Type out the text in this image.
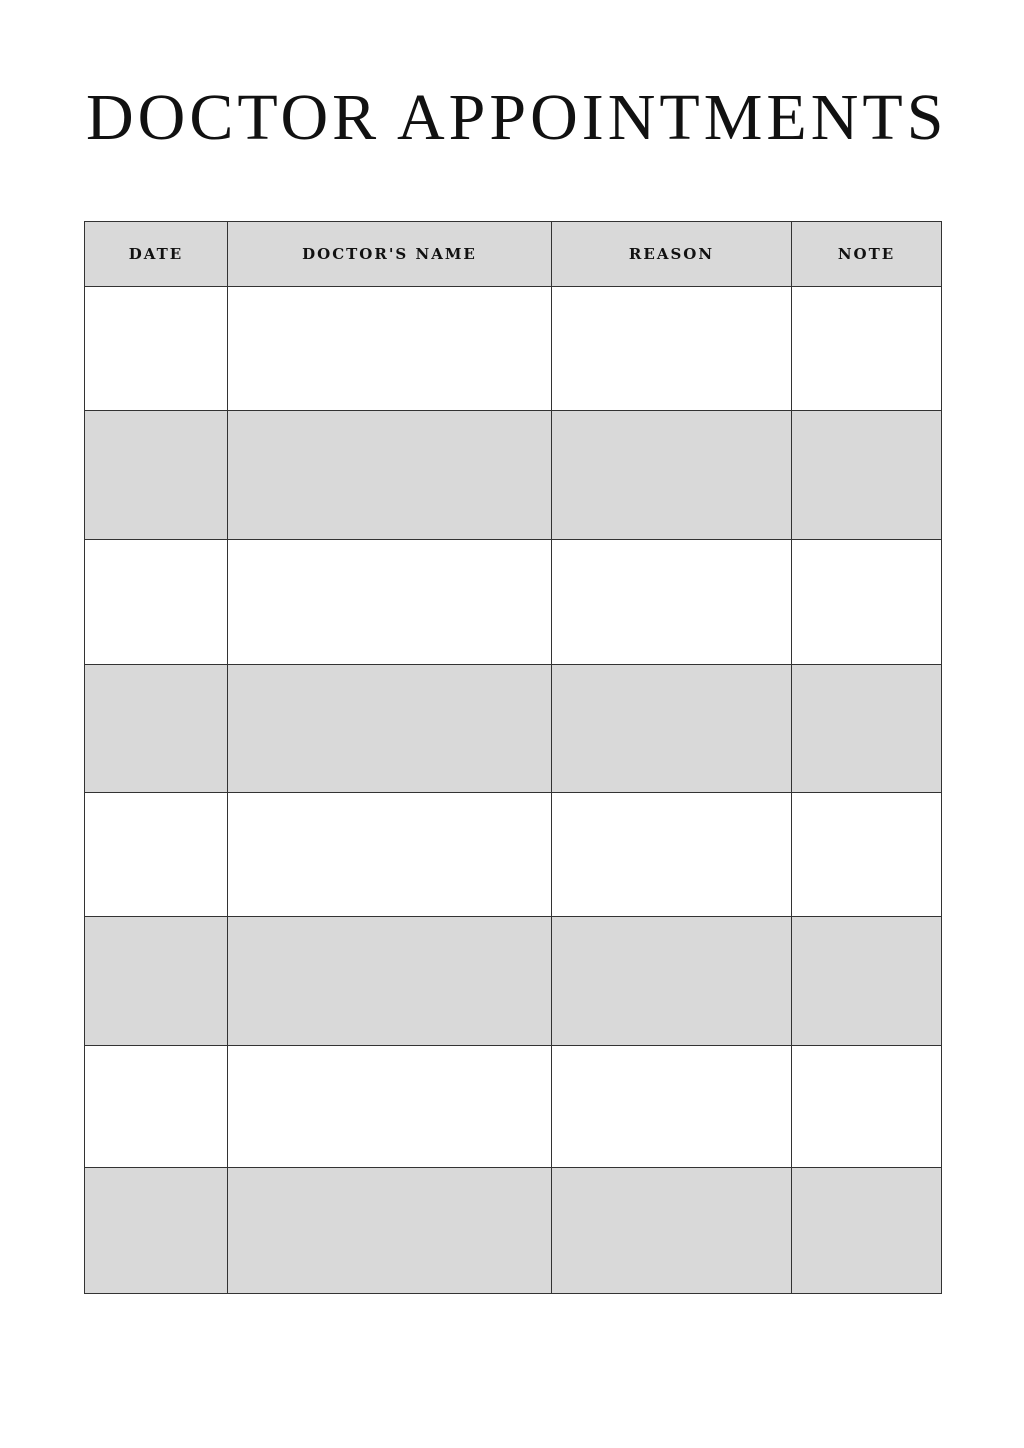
DOCTOR APPOINTMENTS
DATE	DOCTOR'S NAME	REASON	NOTE
